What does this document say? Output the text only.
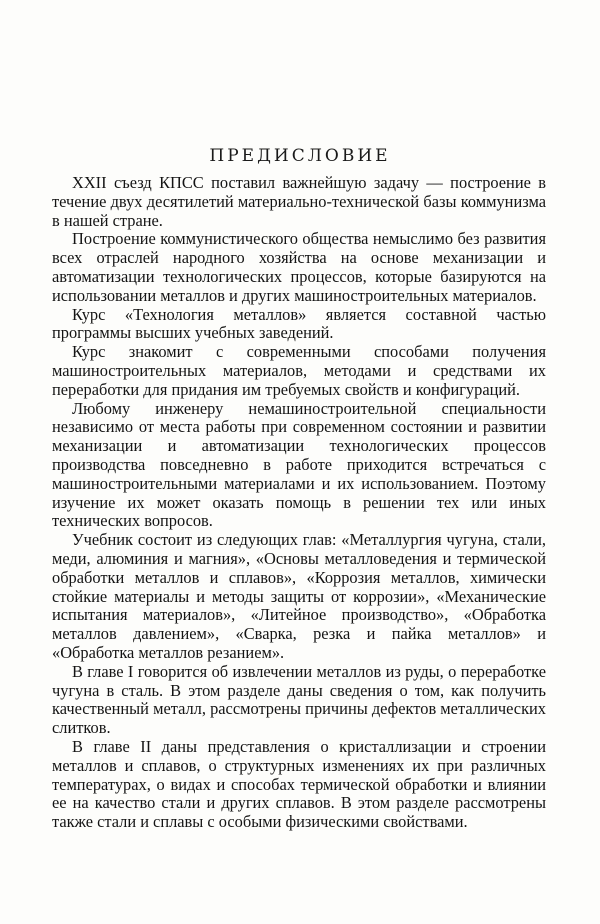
ПРЕДИСЛОВИЕ

XXII съезд КПСС поставил важнейшую задачу — построение в течение двух десятилетий материально-технической базы коммунизма в нашей стране.

Построение коммунистического общества немыслимо без развития всех отраслей народного хозяйства на основе механизации и автоматизации технологических процессов, которые базируются на использовании металлов и других машиностроительных материалов.

Курс «Технология металлов» является составной частью программы высших учебных заведений.

Курс знакомит с современными способами получения машиностроительных материалов, методами и средствами их переработки для придания им требуемых свойств и конфигураций.

Любому инженеру немашиностроительной специальности независимо от места работы при современном состоянии и развитии механизации и автоматизации технологических процессов производства повседневно в работе приходится встречаться с машиностроительными материалами и их использованием. Поэтому изучение их может оказать помощь в решении тех или иных технических вопросов.

Учебник состоит из следующих глав: «Металлургия чугуна, стали, меди, алюминия и магния», «Основы металловедения и термической обработки металлов и сплавов», «Коррозия металлов, химически стойкие материалы и методы защиты от коррозии», «Механические испытания материалов», «Литейное производство», «Обработка металлов давлением», «Сварка, резка и пайка металлов» и «Обработка металлов резанием».

В главе I говорится об извлечении металлов из руды, о переработке чугуна в сталь. В этом разделе даны сведения о том, как получить качественный металл, рассмотрены причины дефектов металлических слитков.

В главе II даны представления о кристаллизации и строении металлов и сплавов, о структурных изменениях их при различных температурах, о видах и способах термической обработки и влиянии ее на качество стали и других сплавов. В этом разделе рассмотрены также стали и сплавы с особыми физическими свойствами.
